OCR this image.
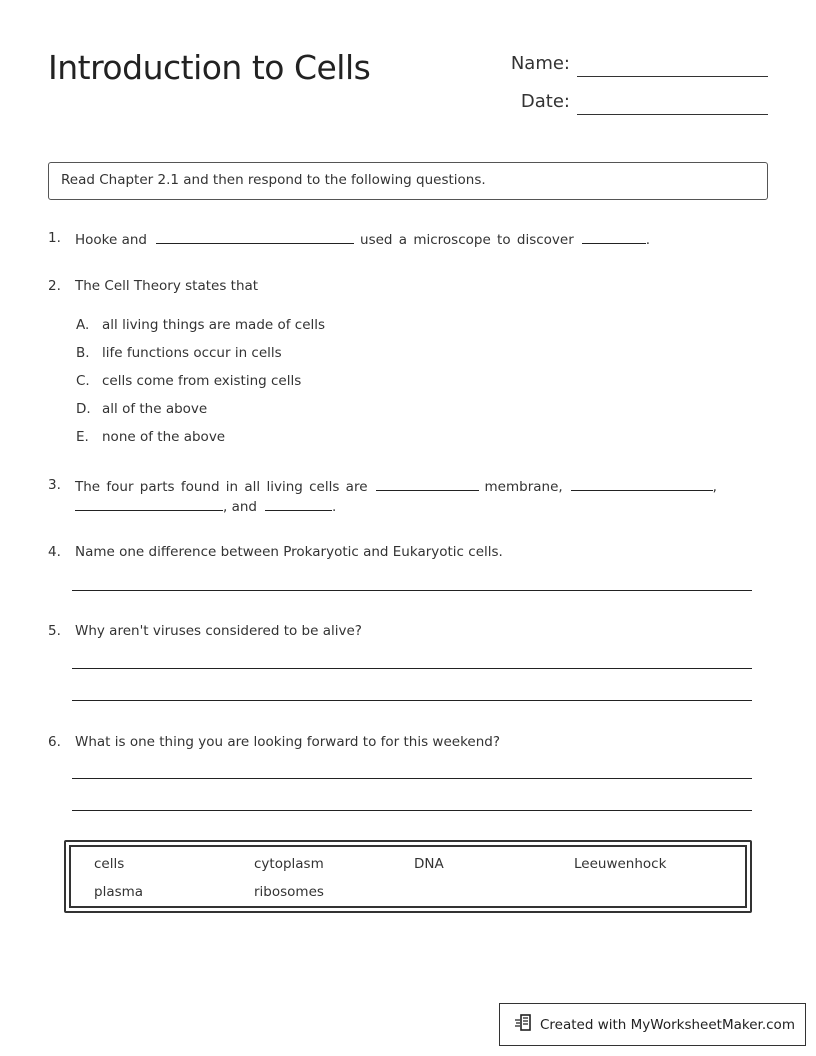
Introduction to Cells	Name:
Date:
Read Chapter 2.1 and then respond to the following questions.
1. Hooke and	used a microscope to discover	.
2. The Cell Theory states that
A. all living things are made of cells
B. life functions occur in cells
C. cells come from existing cells
D. all of the above
E. none of the above
3. The four parts found in all living cells are	membrane,	,
, and	.
4. Name one difference between Prokaryotic and Eukaryotic cells.
5. Why aren't viruses considered to be alive?
6. What is one thing you are looking forward to for this weekend?
cells	cytoplasm	DNA	Leeuwenhock
plasma	ribosomes
Created with MyWorksheetMaker.com
